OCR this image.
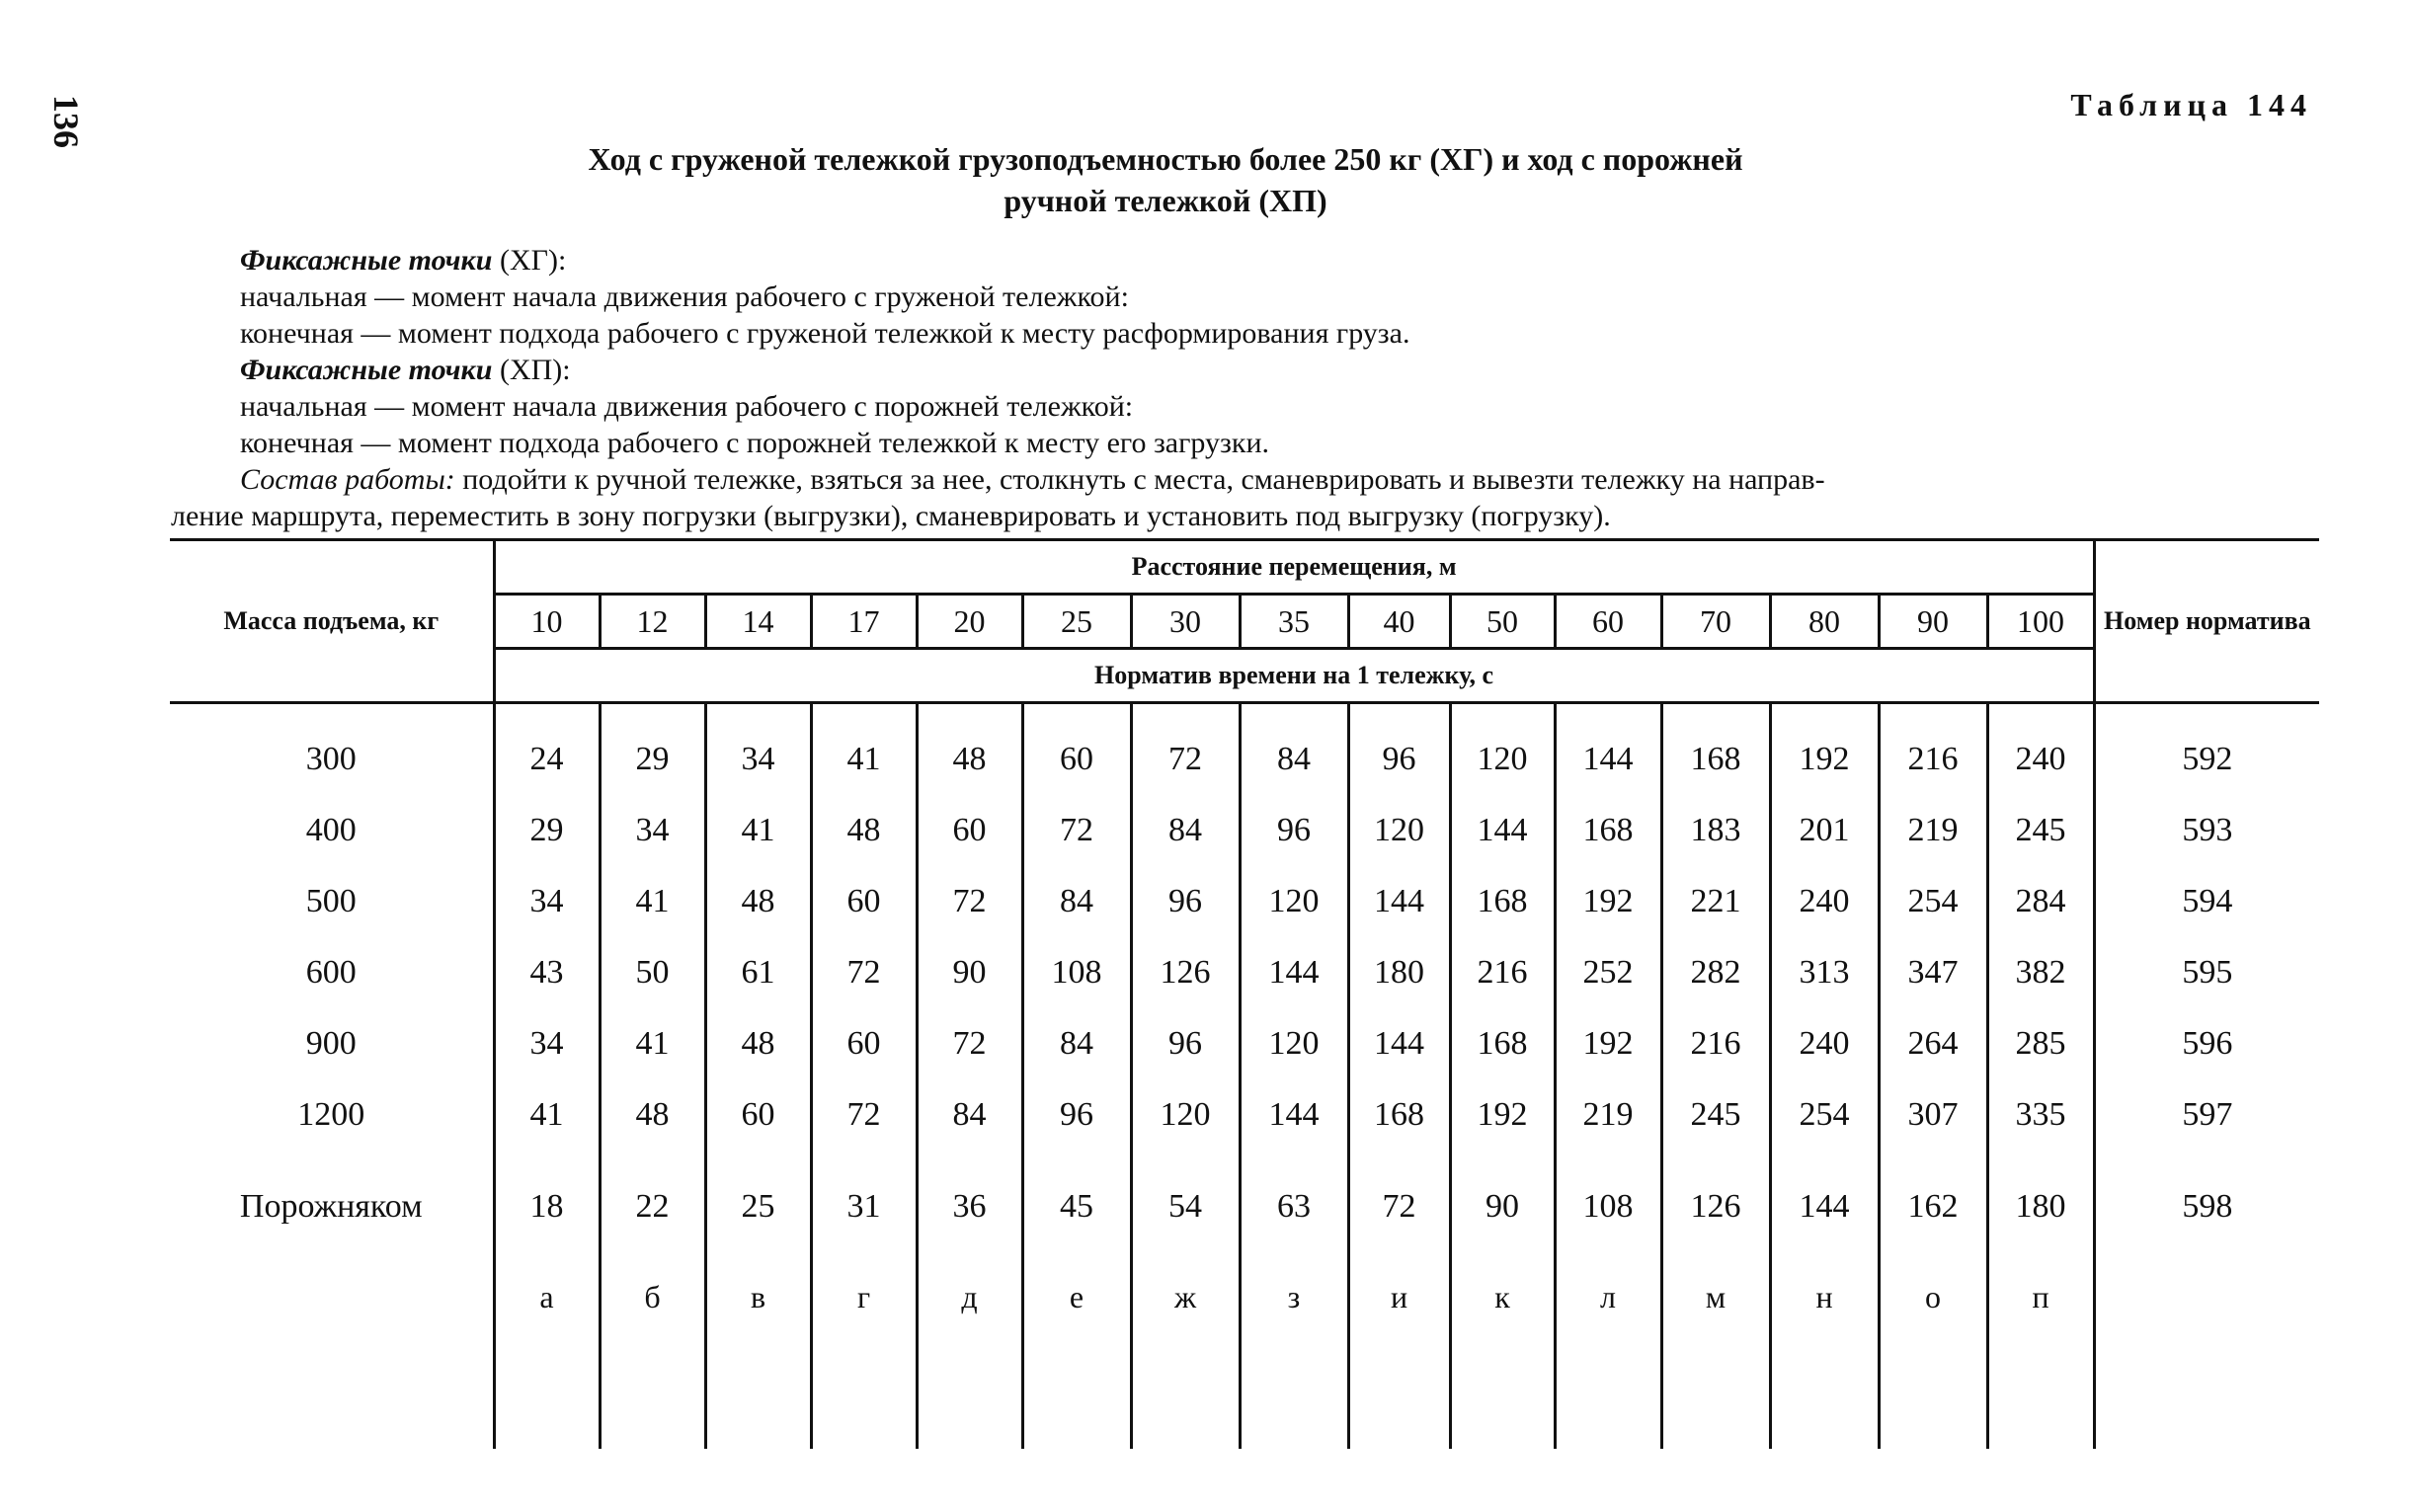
136	Таблица 144
Ход с груженой тележкой грузоподъемностью более 250 кг (ХГ) и ход с порожней
ручной тележкой (ХП)
Фиксажные точки (ХГ):
начальная — момент начала движения рабочего с груженой тележкой:
конечная — момент подхода рабочего с груженой тележкой к месту расформирования груза.
Фиксажные точки (ХП):
начальная — момент начала движения рабочего с порожней тележкой:
конечная — момент подхода рабочего с порожней тележкой к месту его загрузки.
Состав работы: подойти к ручной тележке, взяться за нее, столкнуть с места, сманеврировать и вывезти тележку на направ-
ление маршрута, переместить в зону погрузки (выгрузки), сманеврировать и установить под выгрузку (погрузку).
Масса подъема, кг	Расстояние перемещения, м															Номер норматива
	10	12	14	17	20	25	30	35	40	50	60	70	80	90	100	
	Норматив времени на 1 тележку, с															
300	24	29	34	41	48	60	72	84	96	120	144	168	192	216	240	592
400	29	34	41	48	60	72	84	96	120	144	168	183	201	219	245	593
500	34	41	48	60	72	84	96	120	144	168	192	221	240	254	284	594
600	43	50	61	72	90	108	126	144	180	216	252	282	313	347	382	595
900	34	41	48	60	72	84	96	120	144	168	192	216	240	264	285	596
1200	41	48	60	72	84	96	120	144	168	192	219	245	254	307	335	597
Порожняком	18	22	25	31	36	45	54	63	72	90	108	126	144	162	180	598
	а	б	в	г	д	е	ж	з	и	к	л	м	н	о	п	
